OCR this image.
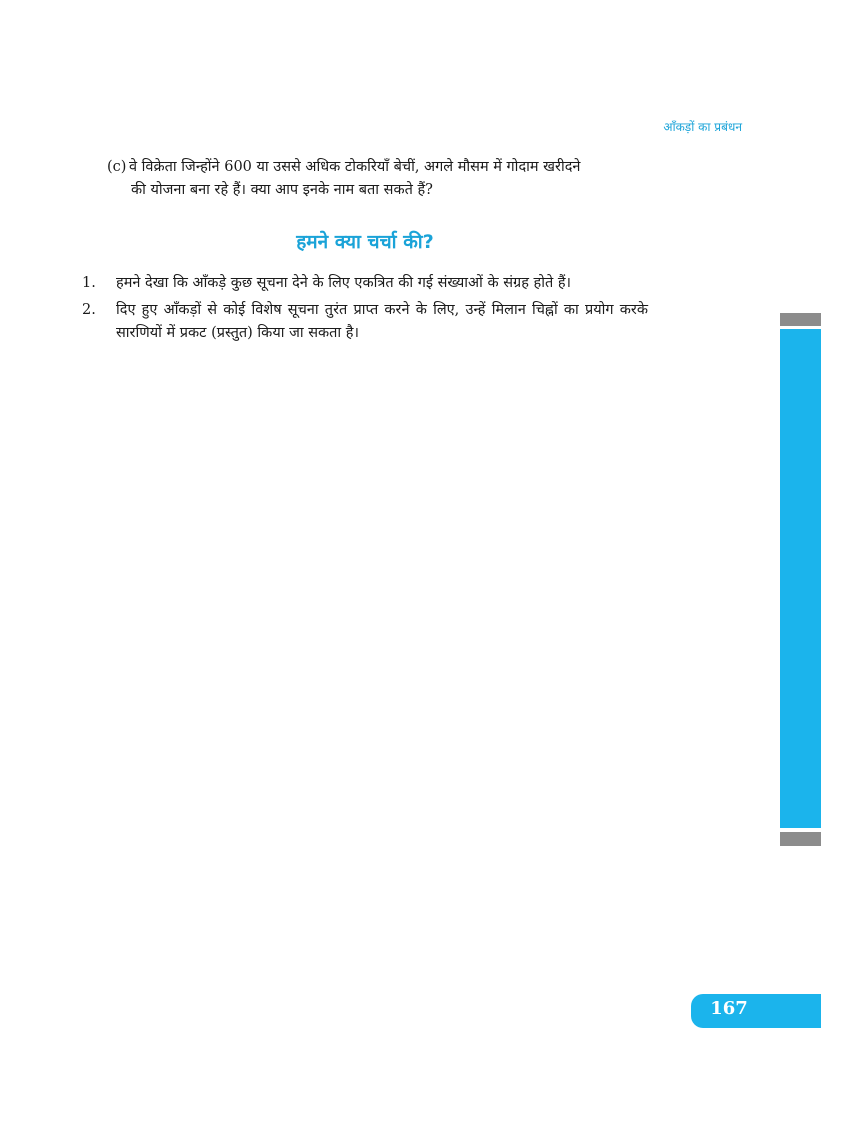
आँकड़ों का प्रबंधन
(c) वे विक्रेता जिन्होंने 600 या उससे अधिक टोकरियाँ बेचीं, अगले मौसम में गोदाम खरीदने
की योजना बना रहे हैं। क्या आप इनके नाम बता सकते हैं?
हमने क्या चर्चा की?
1.	हमने देखा कि आँकड़े कुछ सूचना देने के लिए एकत्रित की गई संख्याओं के संग्रह होते हैं।
2.	दिए हुए आँकड़ों से कोई विशेष सूचना तुरंत प्राप्त करने के लिए, उन्हें मिलान चिह्नों का प्रयोग करके सारणियों में प्रकट (प्रस्तुत) किया जा सकता है।
167
